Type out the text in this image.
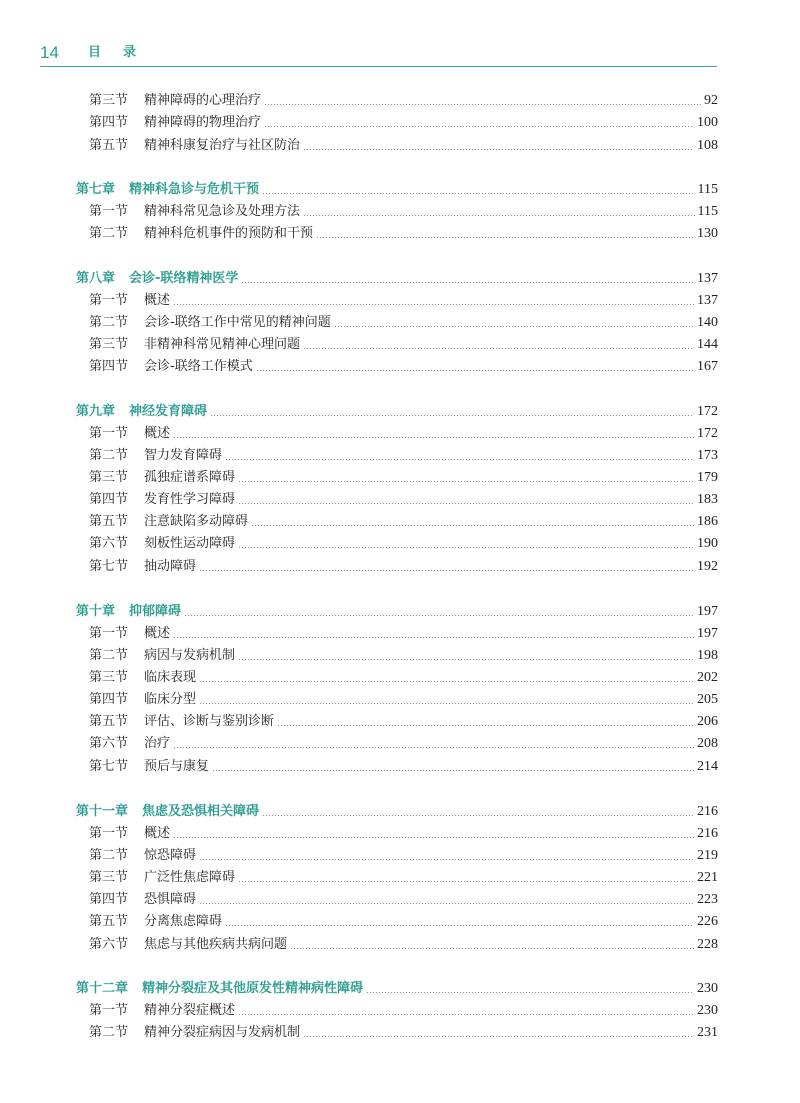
14 目录
第三节 精神障碍的心理治疗	92
第四节 精神障碍的物理治疗	100
第五节 精神科康复治疗与社区防治	108
第七章 精神科急诊与危机干预	115
第一节 精神科常见急诊及处理方法	115
第二节 精神科危机事件的预防和干预	130
第八章 会诊-联络精神医学	137
第一节 概述	137
第二节 会诊-联络工作中常见的精神问题	140
第三节 非精神科常见精神心理问题	144
第四节 会诊-联络工作模式	167
第九章 神经发育障碍	172
第一节 概述	172
第二节 智力发育障碍	173
第三节 孤独症谱系障碍	179
第四节 发育性学习障碍	183
第五节 注意缺陷多动障碍	186
第六节 刻板性运动障碍	190
第七节 抽动障碍	192
第十章 抑郁障碍	197
第一节 概述	197
第二节 病因与发病机制	198
第三节 临床表现	202
第四节 临床分型	205
第五节 评估、诊断与鉴别诊断	206
第六节 治疗	208
第七节 预后与康复	214
第十一章 焦虑及恐惧相关障碍	216
第一节 概述	216
第二节 惊恐障碍	219
第三节 广泛性焦虑障碍	221
第四节 恐惧障碍	223
第五节 分离焦虑障碍	226
第六节 焦虑与其他疾病共病问题	228
第十二章 精神分裂症及其他原发性精神病性障碍	230
第一节 精神分裂症概述	230
第二节 精神分裂症病因与发病机制	231
